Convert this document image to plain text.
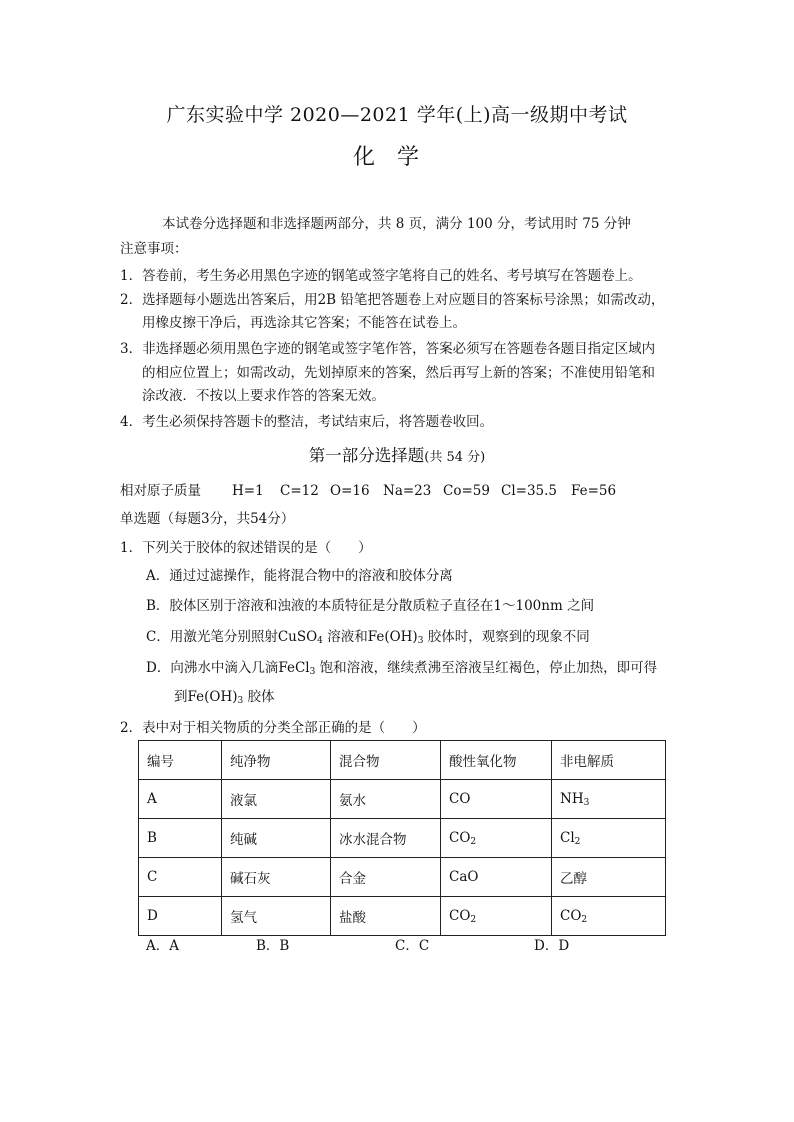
广东实验中学 2020—2021 学年(上)高一级期中考试
化学
本试卷分选择题和非选择题两部分，共 8 页，满分 100 分，考试用时 75 分钟
注意事项：
1．答卷前，考生务必用黑色字迹的钢笔或签字笔将自己的姓名、考号填写在答题卷上。
2．选择题每小题选出答案后，用2B 铅笔把答题卷上对应题目的答案标号涂黑；如需改动，
用橡皮擦干净后，再选涂其它答案；不能答在试卷上。
3．非选择题必须用黑色字迹的钢笔或签字笔作答，答案必须写在答题卷各题目指定区域内
的相应位置上；如需改动，先划掉原来的答案，然后再写上新的答案；不准使用铅笔和
涂改液．不按以上要求作答的答案无效。
4．考生必须保持答题卡的整洁，考试结束后，将答题卷收回。
第一部分选择题(共 54 分)
相对原子质量 H=1 C=12 O=16 Na=23 Co=59 Cl=35.5 Fe=56
单选题（每题3分，共54分）
1．下列关于胶体的叙述错误的是（　　）
A．通过过滤操作，能将混合物中的溶液和胶体分离
B．胶体区别于溶液和浊液的本质特征是分散质粒子直径在1～100nm 之间
C．用激光笔分别照射CuSO$_4$ 溶液和$Fe(OH)_3$ 胶体时，观察到的现象不同
D．向沸水中滴入几滴FeCl$_3$ 饱和溶液，继续煮沸至溶液呈红褐色，停止加热，即可得
到$Fe(OH)_3$ 胶体
2．表中对于相关物质的分类全部正确的是（　　）
编号	纯净物	混合物	酸性氧化物	非电解质
A	液氯	氨水	CO	$NH_3$
B	纯碱	冰水混合物	$CO_2$	$Cl_2$
C	碱石灰	合金	CaO	乙醇
D	氢气	盐酸	$CO_2$	$CO_2$
A．A	B．B	C．C	D．D
